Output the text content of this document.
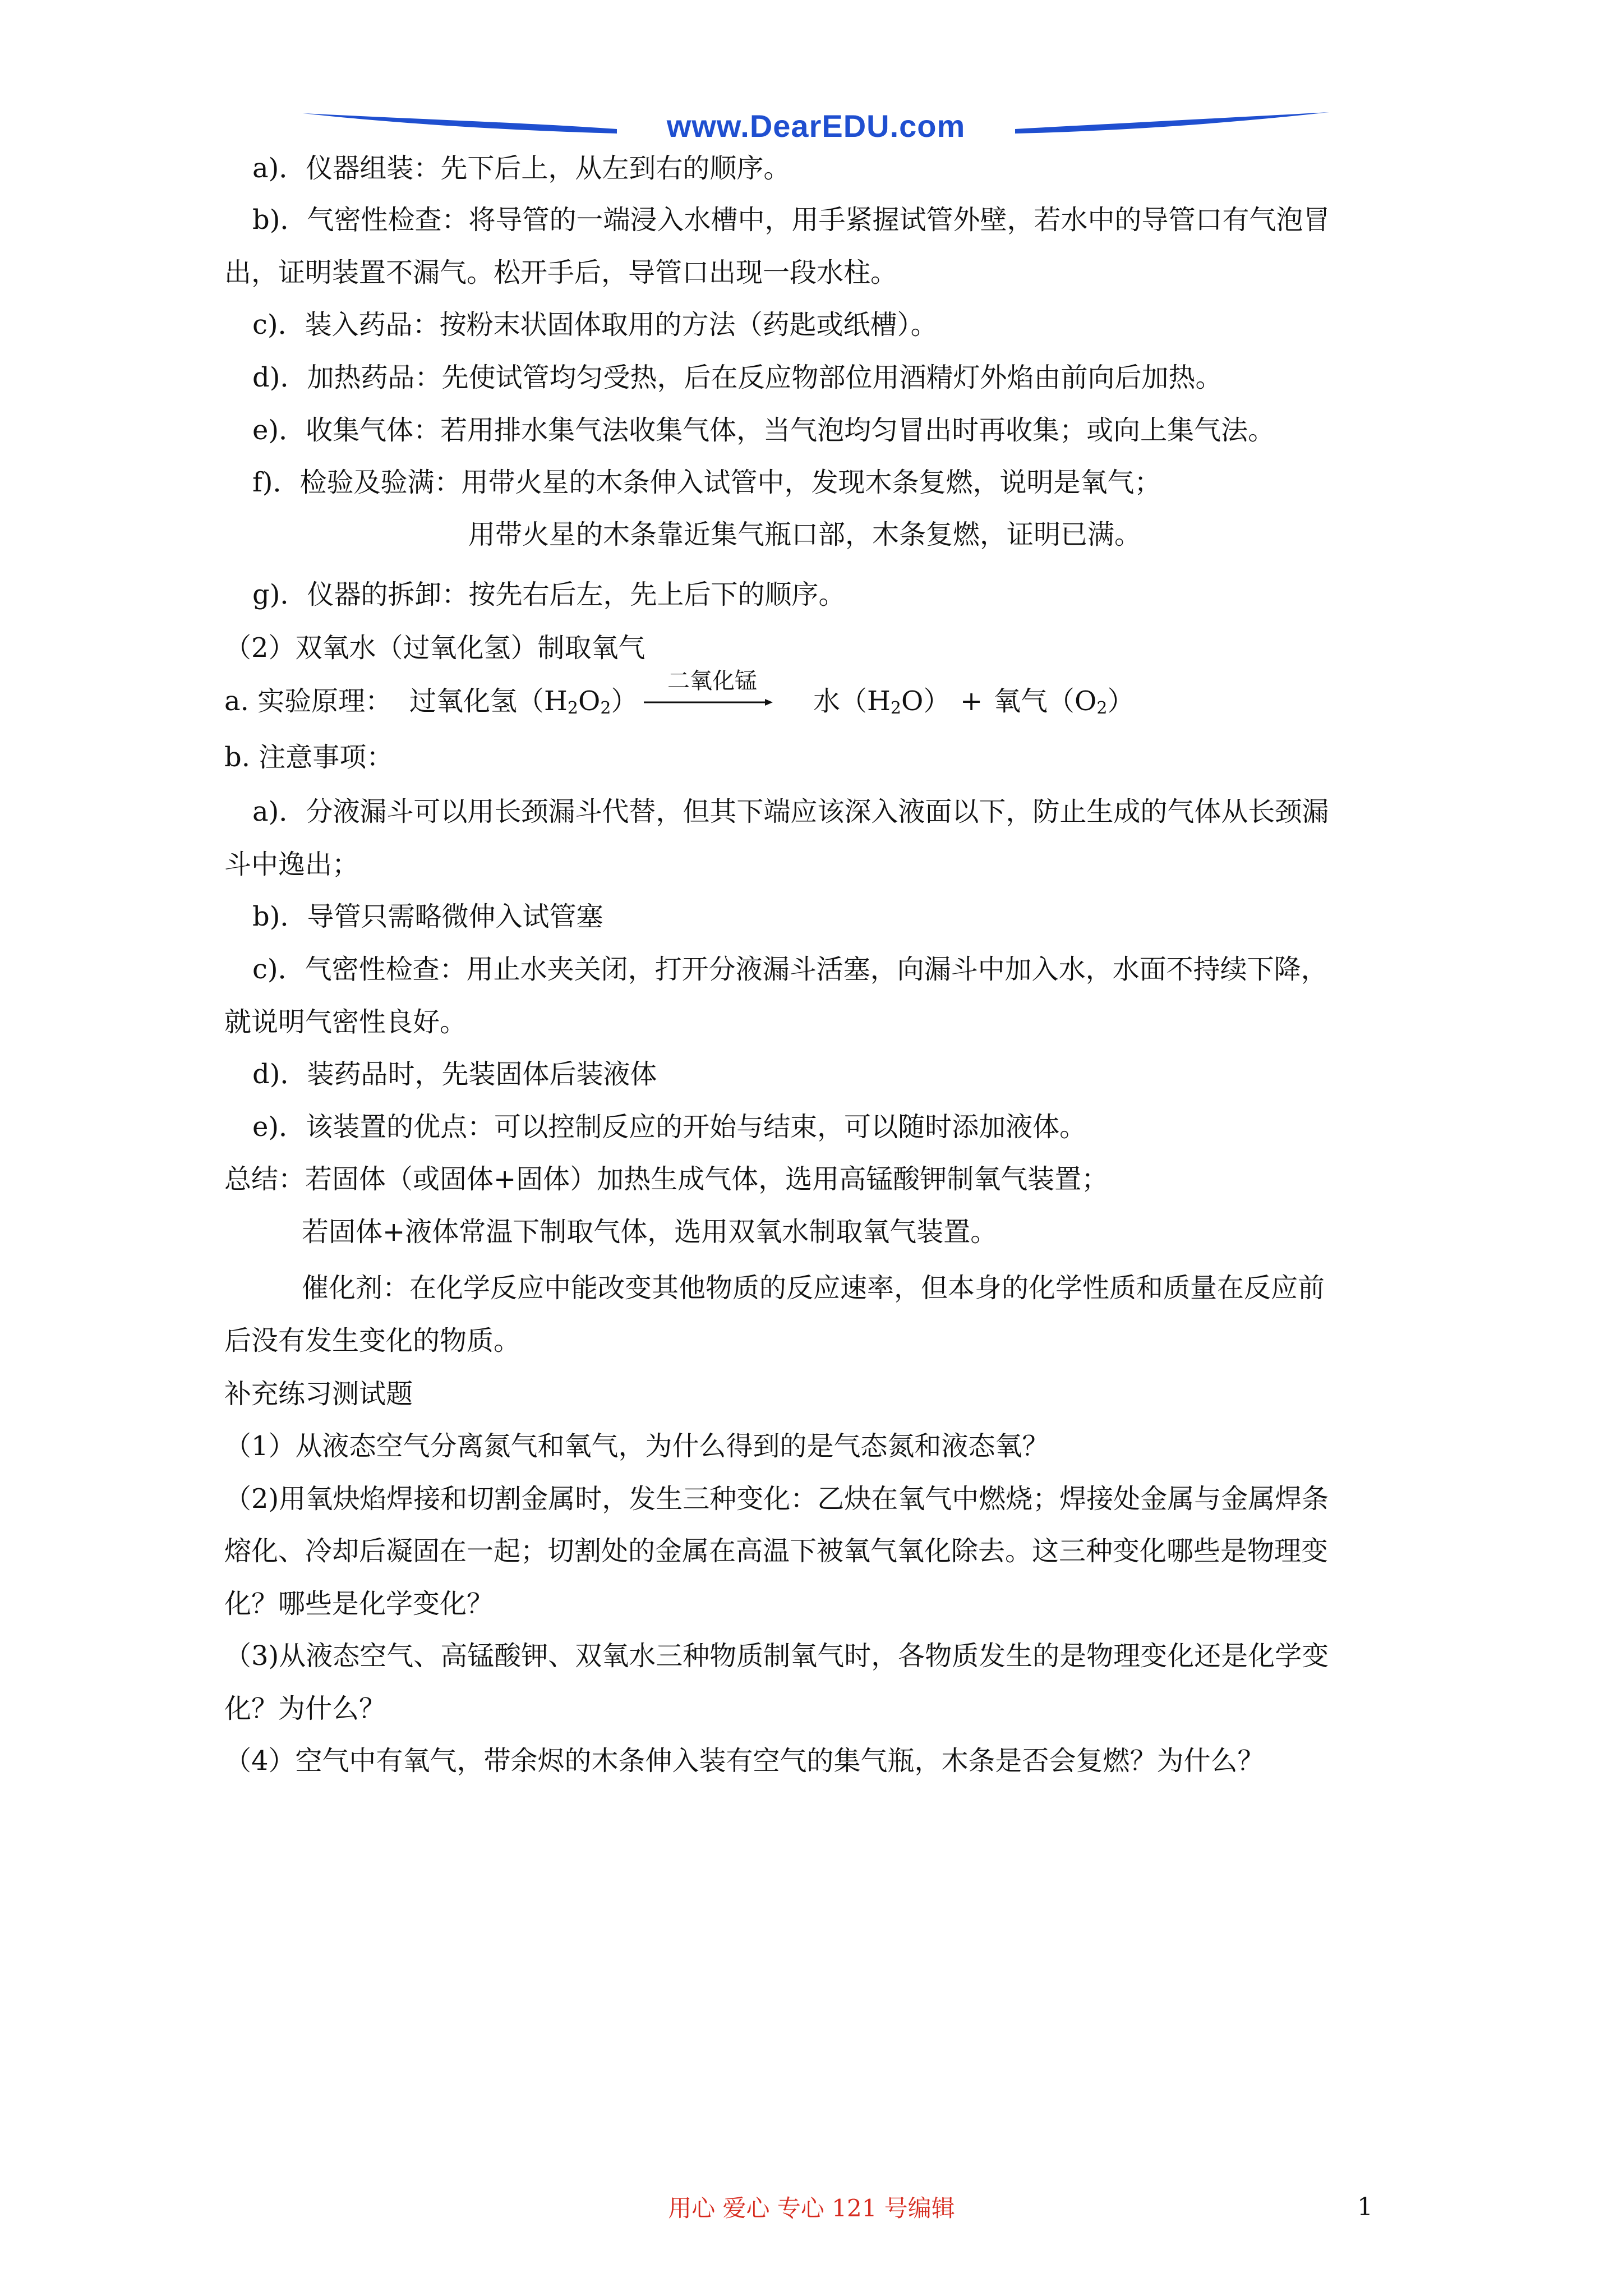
www.DearEDU.com
a)．仪器组装：先下后上，从左到右的顺序。
b)．气密性检查：将导管的一端浸入水槽中，用手紧握试管外壁，若水中的导管口有气泡冒
出，证明装置不漏气。松开手后，导管口出现一段水柱。
c)．装入药品：按粉末状固体取用的方法（药匙或纸槽）。
d)．加热药品：先使试管均匀受热，后在反应物部位用酒精灯外焰由前向后加热。
e)．收集气体：若用排水集气法收集气体，当气泡均匀冒出时再收集；或向上集气法。
f)．检验及验满：用带火星的木条伸入试管中，发现木条复燃，说明是氧气；
用带火星的木条靠近集气瓶口部，木条复燃，证明已满。
g)．仪器的拆卸：按先右后左，先上后下的顺序。
（2）双氧水（过氧化氢）制取氧气
a. 实验原理： 过氧化氢$(H_2O_2)$	水$(H_2O)$ + 氧气$(O_2)$
二氧化锰
b. 注意事项：
a)．分液漏斗可以用长颈漏斗代替，但其下端应该深入液面以下，防止生成的气体从长颈漏
斗中逸出；
b)．导管只需略微伸入试管塞
c)．气密性检查：用止水夹关闭，打开分液漏斗活塞，向漏斗中加入水，水面不持续下降，
就说明气密性良好。
d)．装药品时，先装固体后装液体
e)．该装置的优点：可以控制反应的开始与结束，可以随时添加液体。
总结：若固体（或固体+固体）加热生成气体，选用高锰酸钾制氧气装置；
若固体+液体常温下制取气体，选用双氧水制取氧气装置。
催化剂：在化学反应中能改变其他物质的反应速率，但本身的化学性质和质量在反应前
后没有发生变化的物质。
补充练习测试题
（1）从液态空气分离氮气和氧气，为什么得到的是气态氮和液态氧？
（2)用氧炔焰焊接和切割金属时，发生三种变化：乙炔在氧气中燃烧；焊接处金属与金属焊条
熔化、冷却后凝固在一起；切割处的金属在高温下被氧气氧化除去。这三种变化哪些是物理变
化？哪些是化学变化？
（3)从液态空气、高锰酸钾、双氧水三种物质制氧气时，各物质发生的是物理变化还是化学变
化？为什么？
（4）空气中有氧气，带余烬的木条伸入装有空气的集气瓶，木条是否会复燃？为什么？
用心 爱心 专心 121 号编辑	1
